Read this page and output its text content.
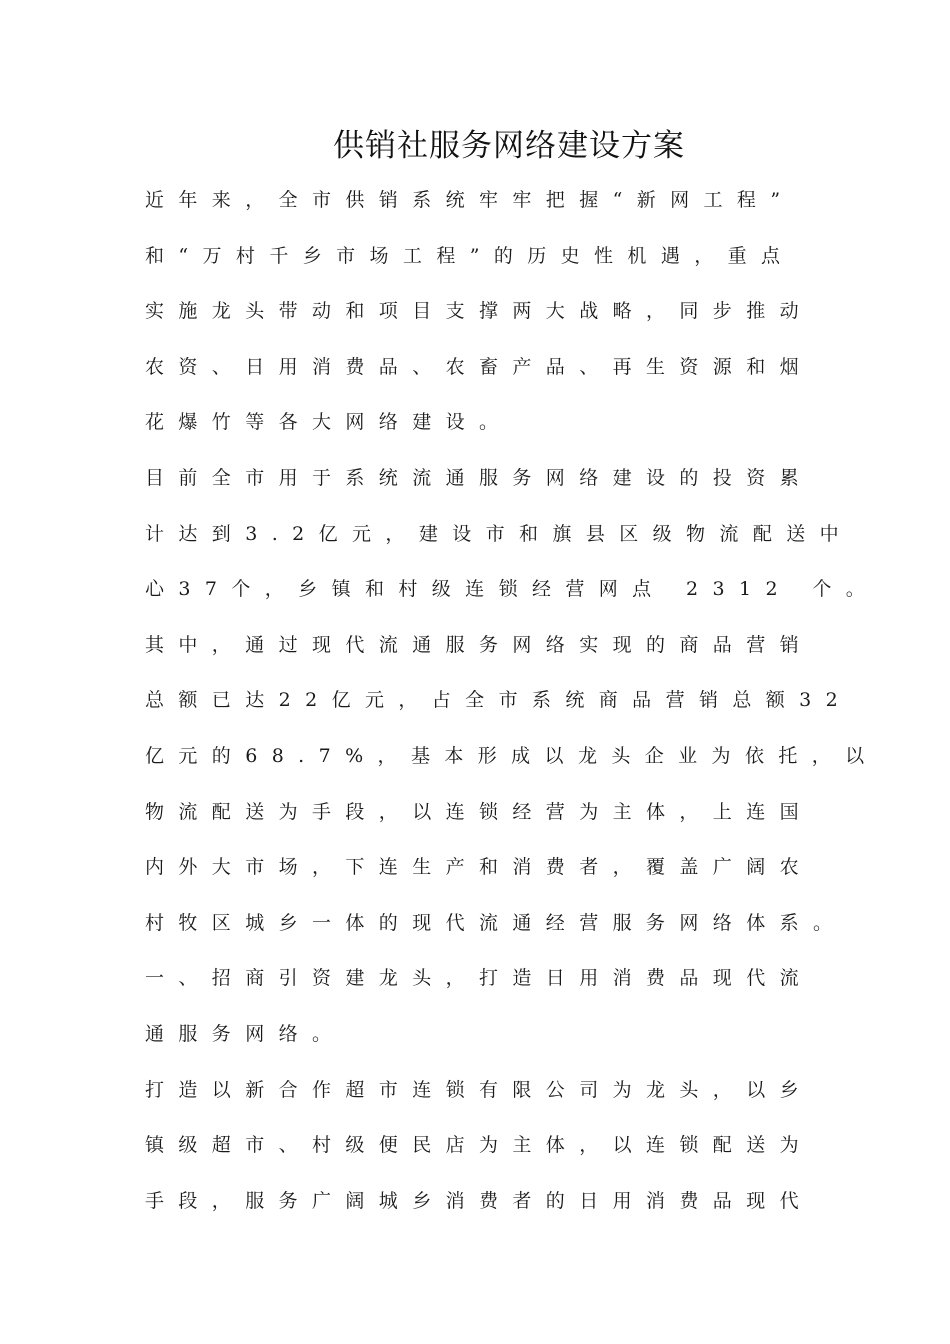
供销社服务网络建设方案
近年来，全市供销系统牢牢把握“新网工程”
和“万村千乡市场工程”的历史性机遇，重点
实施龙头带动和项目支撑两大战略，同步推动
农资、日用消费品、农畜产品、再生资源和烟
花爆竹等各大网络建设。
目前全市用于系统流通服务网络建设的投资累
计达到3.2亿元，建设市和旗县区级物流配送中
心37个，乡镇和村级连锁经营网点 2312 个。
其中，通过现代流通服务网络实现的商品营销
总额已达22亿元，占全市系统商品营销总额32
亿元的68.7%，基本形成以龙头企业为依托，以
物流配送为手段，以连锁经营为主体，上连国
内外大市场，下连生产和消费者，覆盖广阔农
村牧区城乡一体的现代流通经营服务网络体系。
一、招商引资建龙头，打造日用消费品现代流
通服务网络。
打造以新合作超市连锁有限公司为龙头，以乡
镇级超市、村级便民店为主体，以连锁配送为
手段，服务广阔城乡消费者的日用消费品现代
